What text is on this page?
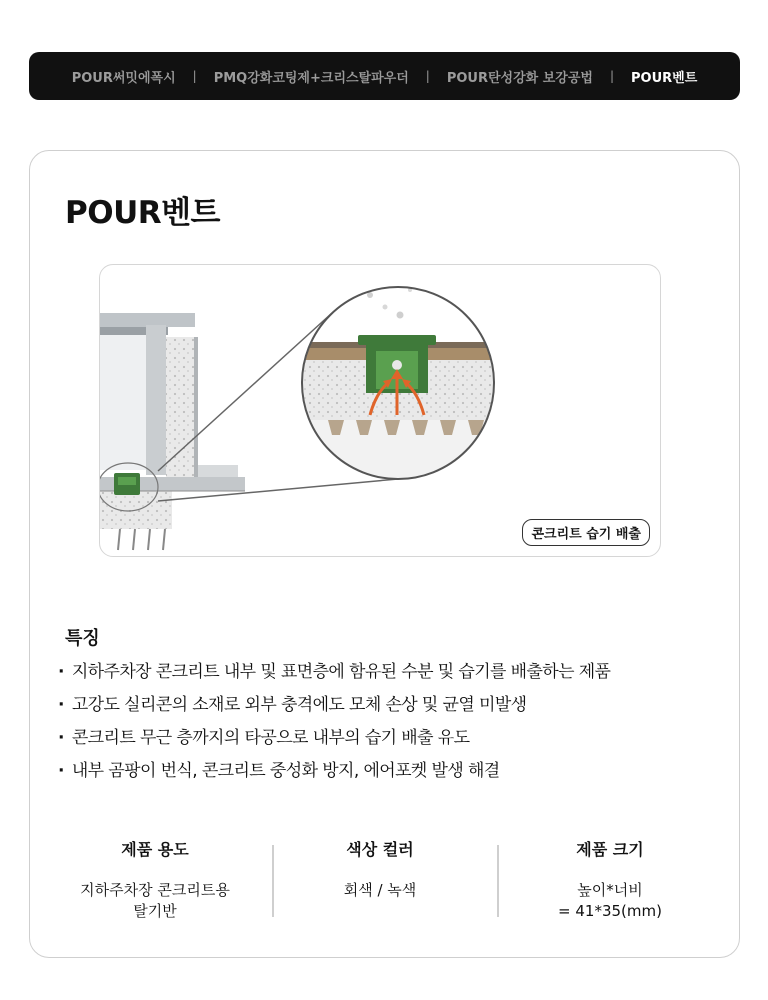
POUR써밋에폭시 | PMQ강화코팅제+크리스탈파우더 | POUR탄성강화 보강공법 | POUR벤트
POUR벤트
콘크리트 습기 배출
특징
· 지하주차장 콘크리트 내부 및 표면층에 함유된 수분 및 습기를 배출하는 제품
· 고강도 실리콘의 소재로 외부 충격에도 모체 손상 및 균열 미발생
· 콘크리트 무근 층까지의 타공으로 내부의 습기 배출 유도
· 내부 곰팡이 번식, 콘크리트 중성화 방지, 에어포켓 발생 해결
제품 용도
지하주차장 콘크리트용
탈기반
색상 컬러
회색 / 녹색
제품 크기
높이*너비
= 41*35(mm)
